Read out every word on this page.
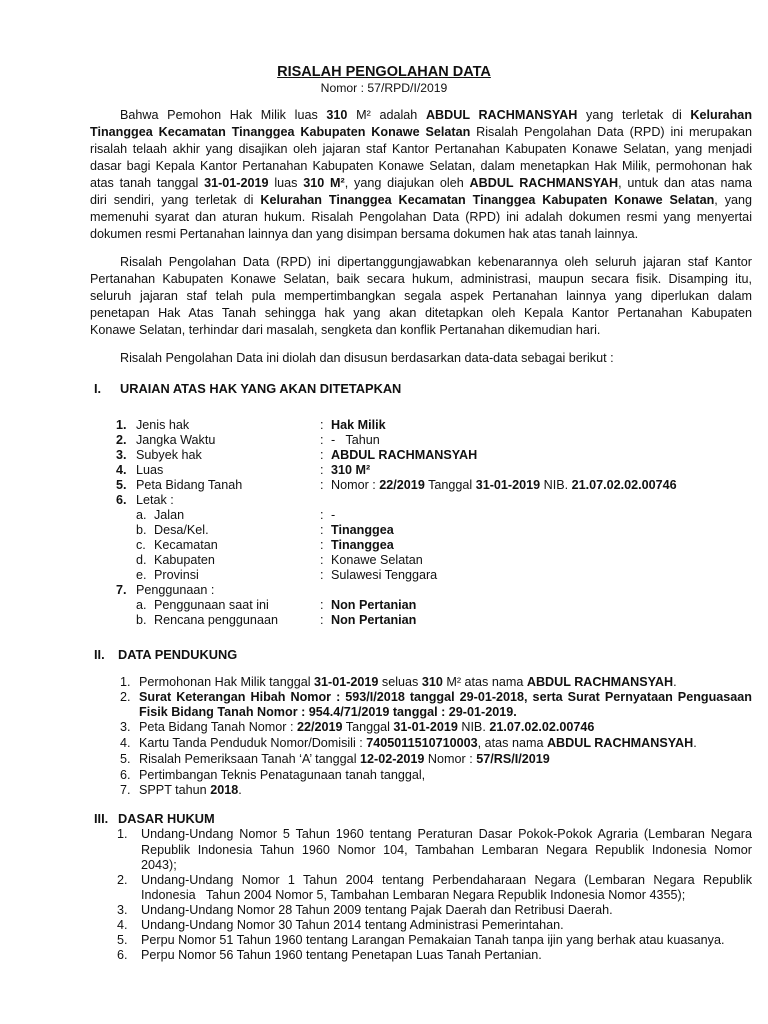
RISALAH PENGOLAHAN DATA
Nomor : 57/RPD/I/2019
Bahwa Pemohon Hak Milik luas 310 M² adalah ABDUL RACHMANSYAH yang terletak di Kelurahan
Tinanggea Kecamatan Tinanggea Kabupaten Konawe Selatan Risalah Pengolahan Data (RPD) ini merupakan
risalah telaah akhir yang disajikan oleh jajaran staf Kantor Pertanahan Kabupaten Konawe Selatan, yang menjadi
dasar bagi Kepala Kantor Pertanahan Kabupaten Konawe Selatan, dalam menetapkan Hak Milik, permohonan hak
atas tanah tanggal 31-01-2019 luas 310 M², yang diajukan oleh ABDUL RACHMANSYAH, untuk dan atas nama
diri sendiri, yang terletak di Kelurahan Tinanggea Kecamatan Tinanggea Kabupaten Konawe Selatan, yang
memenuhi syarat dan aturan hukum. Risalah Pengolahan Data (RPD) ini adalah dokumen resmi yang menyertai
dokumen resmi Pertanahan lainnya dan yang disimpan bersama dokumen hak atas tanah lainnya.
Risalah Pengolahan Data (RPD) ini dipertanggungjawabkan kebenarannya oleh seluruh jajaran staf Kantor
Pertanahan Kabupaten Konawe Selatan, baik secara hukum, administrasi, maupun secara fisik. Disamping itu,
seluruh jajaran staf telah pula mempertimbangkan segala aspek Pertanahan lainnya yang diperlukan dalam
penetapan Hak Atas Tanah sehingga hak yang akan ditetapkan oleh Kepala Kantor Pertanahan Kabupaten
Konawe Selatan, terhindar dari masalah, sengketa dan konflik Pertanahan dikemudian hari.
Risalah Pengolahan Data ini diolah dan disusun berdasarkan data-data sebagai berikut :
I. URAIAN ATAS HAK YANG AKAN DITETAPKAN
1. Jenis hak	: Hak Milik
2. Jangka Waktu	: -   Tahun
3. Subyek hak	: ABDUL RACHMANSYAH
4. Luas	: 310 M²
5. Peta Bidang Tanah	: Nomor : 22/2019 Tanggal 31-01-2019 NIB. 21.07.02.02.00746
6. Letak :
a. Jalan	: -
b. Desa/Kel.	: Tinanggea
c. Kecamatan	: Tinanggea
d. Kabupaten	: Konawe Selatan
e. Provinsi	: Sulawesi Tenggara
7. Penggunaan :
a. Penggunaan saat ini	: Non Pertanian
b. Rencana penggunaan	: Non Pertanian
II. DATA PENDUKUNG
1. Permohonan Hak Milik tanggal 31-01-2019 seluas 310 M² atas nama ABDUL RACHMANSYAH.
2. Surat Keterangan Hibah Nomor : 593/I/2018 tanggal 29-01-2018, serta Surat Pernyataan Penguasaan
Fisik Bidang Tanah Nomor : 954.4/71/2019 tanggal : 29-01-2019.
3. Peta Bidang Tanah Nomor : 22/2019 Tanggal 31-01-2019 NIB. 21.07.02.02.00746
4. Kartu Tanda Penduduk Nomor/Domisili : 7405011510710003, atas nama ABDUL RACHMANSYAH.
5. Risalah Pemeriksaan Tanah ‘A’ tanggal 12-02-2019 Nomor : 57/RS/I/2019
6. Pertimbangan Teknis Penatagunaan tanah tanggal,
7. SPPT tahun 2018.
III. DASAR HUKUM
1. Undang-Undang Nomor 5 Tahun 1960 tentang Peraturan Dasar Pokok-Pokok Agraria (Lembaran Negara
Republik Indonesia Tahun 1960 Nomor 104, Tambahan Lembaran Negara Republik Indonesia Nomor
2043);
2. Undang-Undang Nomor 1 Tahun 2004 tentang Perbendaharaan Negara (Lembaran Negara Republik
Indonesia   Tahun 2004 Nomor 5, Tambahan Lembaran Negara Republik Indonesia Nomor 4355);
3. Undang-Undang Nomor 28 Tahun 2009 tentang Pajak Daerah dan Retribusi Daerah.
4. Undang-Undang Nomor 30 Tahun 2014 tentang Administrasi Pemerintahan.
5. Perpu Nomor 51 Tahun 1960 tentang Larangan Pemakaian Tanah tanpa ijin yang berhak atau kuasanya.
6. Perpu Nomor 56 Tahun 1960 tentang Penetapan Luas Tanah Pertanian.
